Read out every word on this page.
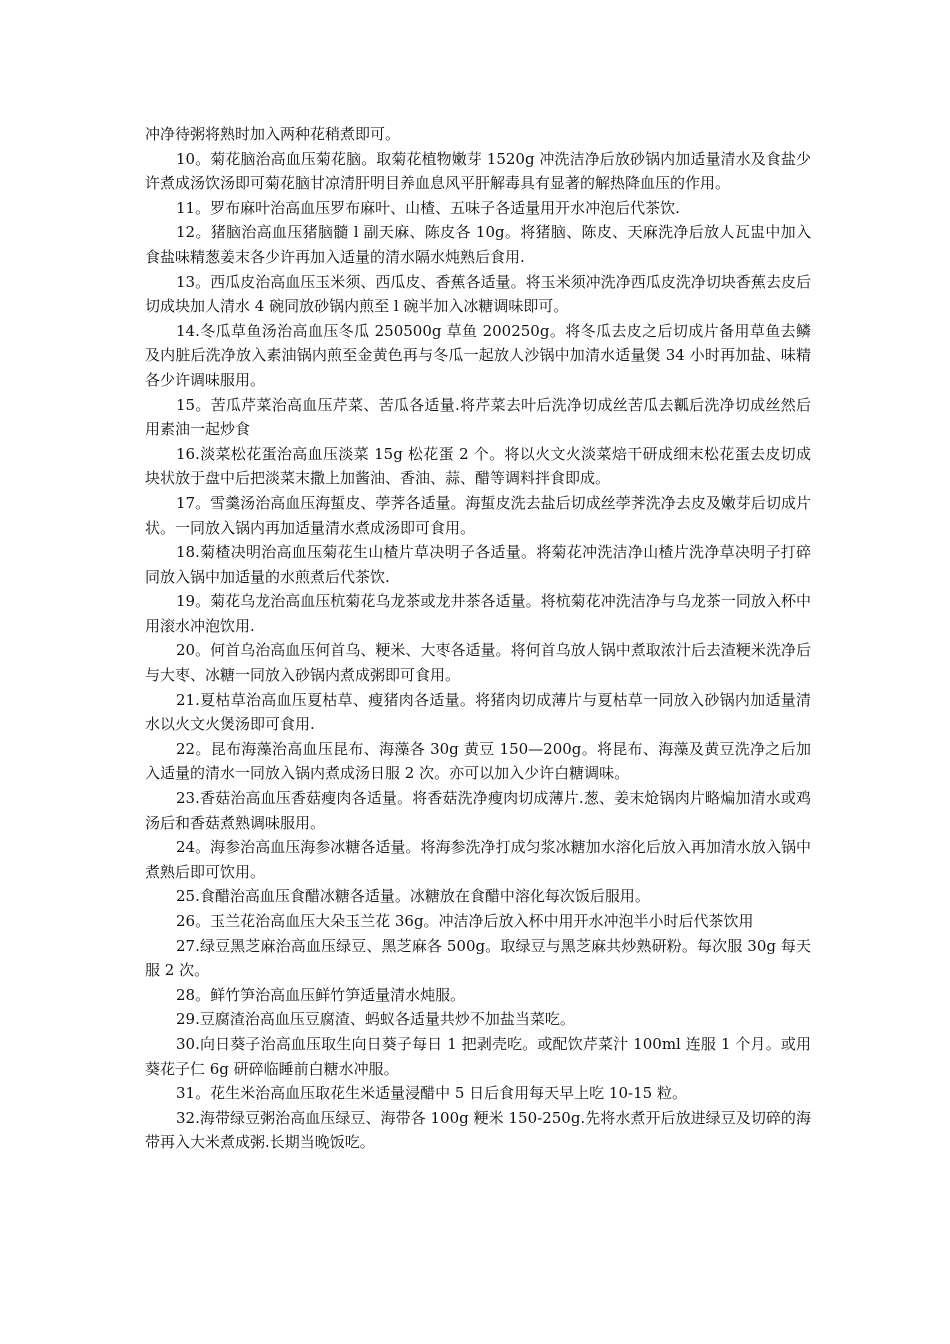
冲净待粥将熟时加入两种花稍煮即可。

10。菊花脑治高血压菊花脑。取菊花植物嫩芽 1520g 冲洗洁净后放砂锅内加适量清水及食盐少许煮成汤饮汤即可菊花脑甘凉清肝明目养血息风平肝解毒具有显著的解热降血压的作用。

11。罗布麻叶治高血压罗布麻叶、山楂、五味子各适量用开水冲泡后代茶饮.

12。猪脑治高血压猪脑髓 l 副天麻、陈皮各 10g。将猪脑、陈皮、天麻洗净后放人瓦盅中加入食盐味精葱姜末各少许再加入适量的清水隔水炖熟后食用.

13。西瓜皮治高血压玉米须、西瓜皮、香蕉各适量。将玉米须冲洗净西瓜皮洗净切块香蕉去皮后切成块加人清水 4 碗同放砂锅内煎至 l 碗半加入冰糖调味即可。

14.冬瓜草鱼汤治高血压冬瓜 250500g 草鱼 200250g。将冬瓜去皮之后切成片备用草鱼去鳞及内脏后洗净放入素油锅内煎至金黄色再与冬瓜一起放人沙锅中加清水适量煲 34 小时再加盐、味精各少许调味服用。

15。苦瓜芹菜治高血压芹菜、苦瓜各适量.将芹菜去叶后洗净切成丝苦瓜去瓤后洗净切成丝然后用素油一起炒食

16.淡菜松花蛋治高血压淡菜 15g 松花蛋 2 个。将以火文火淡菜焙干研成细末松花蛋去皮切成块状放于盘中后把淡菜末撒上加酱油、香油、蒜、醋等调料拌食即成。

17。雪羹汤治高血压海蜇皮、荸荠各适量。海蜇皮洗去盐后切成丝荸荠洗净去皮及嫩芽后切成片状。一同放入锅内再加适量清水煮成汤即可食用。

18.菊楂决明治高血压菊花生山楂片草决明子各适量。将菊花冲洗洁净山楂片洗净草决明子打碎同放入锅中加适量的水煎煮后代茶饮.

19。菊花乌龙治高血压杭菊花乌龙茶或龙井茶各适量。将杭菊花冲洗洁净与乌龙茶一同放入杯中用滚水冲泡饮用.

20。何首乌治高血压何首乌、粳米、大枣各适量。将何首乌放人锅中煮取浓汁后去渣粳米洗净后与大枣、冰糖一同放入砂锅内煮成粥即可食用。

21.夏枯草治高血压夏枯草、瘦猪肉各适量。将猪肉切成薄片与夏枯草一同放入砂锅内加适量清水以火文火煲汤即可食用.

22。昆布海藻治高血压昆布、海藻各 30g 黄豆 150—200g。将昆布、海藻及黄豆洗净之后加入适量的清水一同放入锅内煮成汤日服 2 次。亦可以加入少许白糖调味。

23.香菇治高血压香菇瘦肉各适量。将香菇洗净瘦肉切成薄片.葱、姜末炝锅肉片略煸加清水或鸡汤后和香菇煮熟调味服用。

24。海参治高血压海参冰糖各适量。将海参洗净打成匀浆冰糖加水溶化后放入再加清水放入锅中煮熟后即可饮用。

25.食醋治高血压食醋冰糖各适量。冰糖放在食醋中溶化每次饭后服用。

26。玉兰花治高血压大朵玉兰花 36g。冲洁净后放入杯中用开水冲泡半小时后代茶饮用

27.绿豆黑芝麻治高血压绿豆、黑芝麻各 500g。取绿豆与黑芝麻共炒熟研粉。每次服 30g 每天服 2 次。

28。鲜竹笋治高血压鲜竹笋适量清水炖服。

29.豆腐渣治高血压豆腐渣、蚂蚁各适量共炒不加盐当菜吃。

30.向日葵子治高血压取生向日葵子每日 1 把剥壳吃。或配饮芹菜汁 100ml 连服 1 个月。或用葵花子仁 6g 研碎临睡前白糖水冲服。

31。花生米治高血压取花生米适量浸醋中 5 日后食用每天早上吃 10-15 粒。

32.海带绿豆粥治高血压绿豆、海带各 100g 粳米 150-250g.先将水煮开后放进绿豆及切碎的海带再入大米煮成粥.长期当晚饭吃。
